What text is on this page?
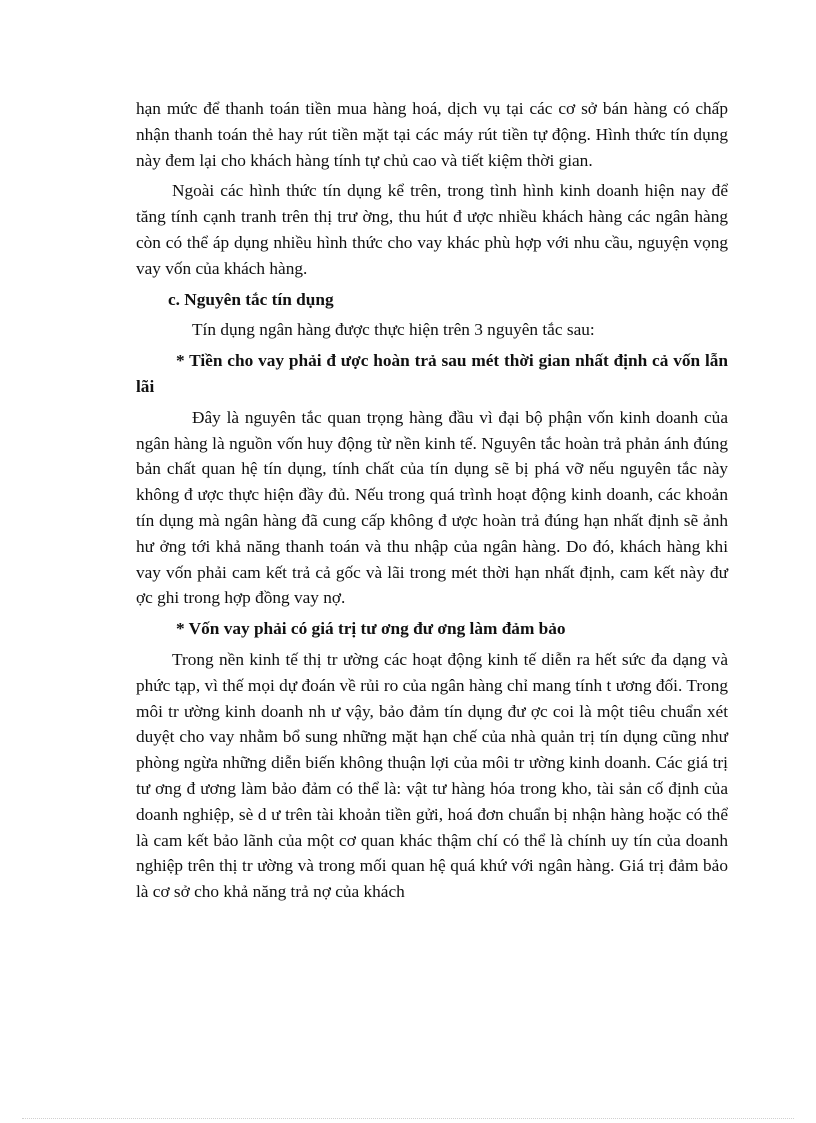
hạn mức để thanh toán tiền mua hàng hoá, dịch vụ tại các cơ sở bán hàng có chấp nhận thanh toán thẻ hay rút tiền mặt tại các máy rút tiền tự động. Hình thức tín dụng này đem lại cho khách hàng tính tự chủ cao và tiết kiệm thời gian.

Ngoài các hình thức tín dụng kể trên, trong tình hình kinh doanh hiện nay để tăng tính cạnh tranh trên thị trư ờng, thu hút đ ược nhiều khách hàng các ngân hàng còn có thể áp dụng nhiều hình thức cho vay khác phù hợp với nhu cầu, nguyện vọng vay vốn của khách hàng.

c. Nguyên tắc tín dụng

Tín dụng ngân hàng được thực hiện trên 3 nguyên tắc sau:

* Tiền cho vay phải đ ược hoàn trả sau mét thời gian nhất định cả vốn lẫn lãi

Đây là nguyên tắc quan trọng hàng đầu vì đại bộ phận vốn kinh doanh của ngân hàng là nguồn vốn huy động từ nền kinh tế. Nguyên tắc hoàn trả phản ánh đúng bản chất quan hệ tín dụng, tính chất của tín dụng sẽ bị phá vỡ nếu nguyên tắc này không đ ược thực hiện đầy đủ. Nếu trong quá trình hoạt động kinh doanh, các khoản tín dụng mà ngân hàng đã cung cấp không đ ược hoàn trả đúng hạn nhất định sẽ ảnh hư ởng tới khả năng thanh toán và thu nhập của ngân hàng. Do đó, khách hàng khi vay vốn phải cam kết trả cả gốc và lãi trong mét thời hạn nhất định, cam kết này đư ợc ghi trong hợp đồng vay nợ.

* Vốn vay phải có giá trị tư ơng đư ơng làm đảm bảo

Trong nền kinh tế thị tr ường các hoạt động kinh tế diễn ra hết sức đa dạng và phức tạp, vì thế mọi dự đoán về rủi ro của ngân hàng chỉ mang tính t ương đối. Trong môi tr ường kinh doanh nh ư vậy, bảo đảm tín dụng đư ợc coi là một tiêu chuẩn xét duyệt cho vay nhằm bổ sung những mặt hạn chế của nhà quản trị tín dụng cũng như phòng ngừa những diễn biến không thuận lợi của môi tr ường kinh doanh. Các giá trị tư ơng đ ương làm bảo đảm có thể là: vật tư hàng hóa trong kho, tài sản cố định của doanh nghiệp, sè d ư trên tài khoản tiền gửi, hoá đơn chuẩn bị nhận hàng hoặc có thể là cam kết bảo lãnh của một cơ quan khác thậm chí có thể là chính uy tín của doanh nghiệp trên thị tr ường và trong mối quan hệ quá khứ với ngân hàng. Giá trị đảm bảo là cơ sở cho khả năng trả nợ của khách
